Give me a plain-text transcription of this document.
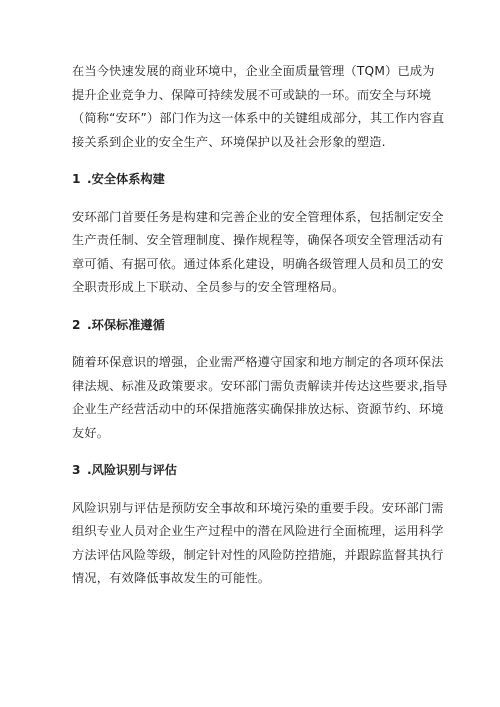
在当今快速发展的商业环境中，企业全面质量管理（TQM）已成为
提升企业竞争力、保障可持续发展不可或缺的一环。而安全与环境
（简称“安环”）部门作为这一体系中的关键组成部分，其工作内容直
接关系到企业的安全生产、环境保护以及社会形象的塑造.

1 .安全体系构建

安环部门首要任务是构建和完善企业的安全管理体系，包括制定安全
生产责任制、安全管理制度、操作规程等，确保各项安全管理活动有
章可循、有据可依。通过体系化建设，明确各级管理人员和员工的安
全职责形成上下联动、全员参与的安全管理格局。

2 .环保标准遵循

随着环保意识的增强，企业需严格遵守国家和地方制定的各项环保法
律法规、标准及政策要求。安环部门需负责解读并传达这些要求,指导
企业生产经营活动中的环保措施落实确保排放达标、资源节约、环境
友好。

3 .风险识别与评估

风险识别与评估是预防安全事故和环境污染的重要手段。安环部门需
组织专业人员对企业生产过程中的潜在风险进行全面梳理，运用科学
方法评估风险等级，制定针对性的风险防控措施，并跟踪监督其执行
情况，有效降低事故发生的可能性。
